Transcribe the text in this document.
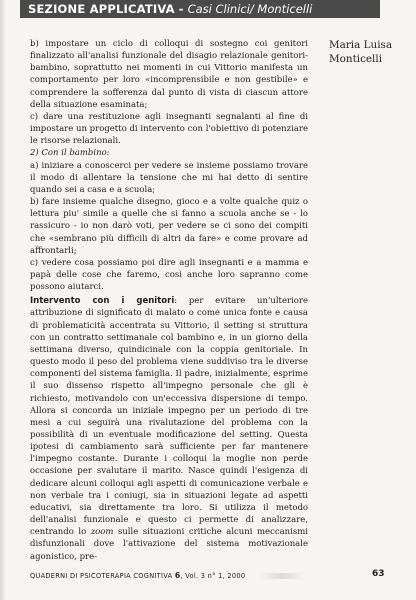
SEZIONE APPLICATIVA - Casi Clinici/ Monticelli
Maria Luisa
Monticelli

b) impostare un ciclo di colloqui di sostegno coi genitori finalizzato all'analisi funzionale del disagio relazionale genitori-bambino, soprattutto nei momenti in cui Vittorio manifesta un comportamento per loro «incomprensibile e non gestibile» e comprendere la sofferenza dal punto di vista di ciascun attore della situazione esaminata;

c) dare una restituzione agli insegnanti segnalanti al fine di impostare un progetto di intervento con l'obiettivo di potenziare le risorse relazionali.

2) Con il bambino:

a) iniziare a conoscerci per vedere se insieme possiamo trovare il modo di allentare la tensione che mi hai detto di sentire quando sei a casa e a scuola;

b) fare insieme qualche disegno, gioco e a volte qualche quiz o lettura piu' simile a quelle che si fanno a scuola anche se - lo rassicuro - io non darò voti, per vedere se ci sono dei compiti che «sembrano più difficili di altri da fare» e come provare ad affrontarli;

c) vedere cosa possiamo poi dire agli insegnanti e a mamma e papà delle cose che faremo, così anche loro sapranno come possono aiutarci.

Intervento con i genitori: per evitare un'ulteriore attribuzione di significato di malato o come unica fonte e causa di problematicità accentrata su Vittorio, il setting si struttura con un contratto settimanale col bambino e, in un giorno della settimana diverso, quindicinale con la coppia genitoriale. In questo modo il peso del problema viene suddiviso tra le diverse componenti del sistema famiglia. Il padre, inizialmente, esprime il suo dissenso rispetto all'impegno personale che gli è richiesto, motivandolo con un'eccessiva dispersione di tempo. Allora si concorda un iniziale impegno per un periodo di tre mesi a cui seguirà una rivalutazione del problema con la possibilità di un eventuale modificazione del setting. Questa ipotesi di cambiamento sarà sufficiente per far mantenere l'impegno costante. Durante i colloqui la moglie non perde occasione per svalutare il marito. Nasce quindi l'esigenza di dedicare alcuni colloqui agli aspetti di comunicazione verbale e non verbale tra i coniugi, sia in situazioni legate ad aspetti educativi, sia direttamente tra loro. Si utilizza il metodo dell'analisi funzionale e questo ci permette di analizzare, centrando lo zoom sulle situazioni critiche alcuni meccanismi disfunzionali dove l'attivazione del sistema motivazionale agonistico, pre-

QUADERNI DI PSICOTERAPIA COGNITIVA 6, Vol. 3 n° 1, 2000	63
